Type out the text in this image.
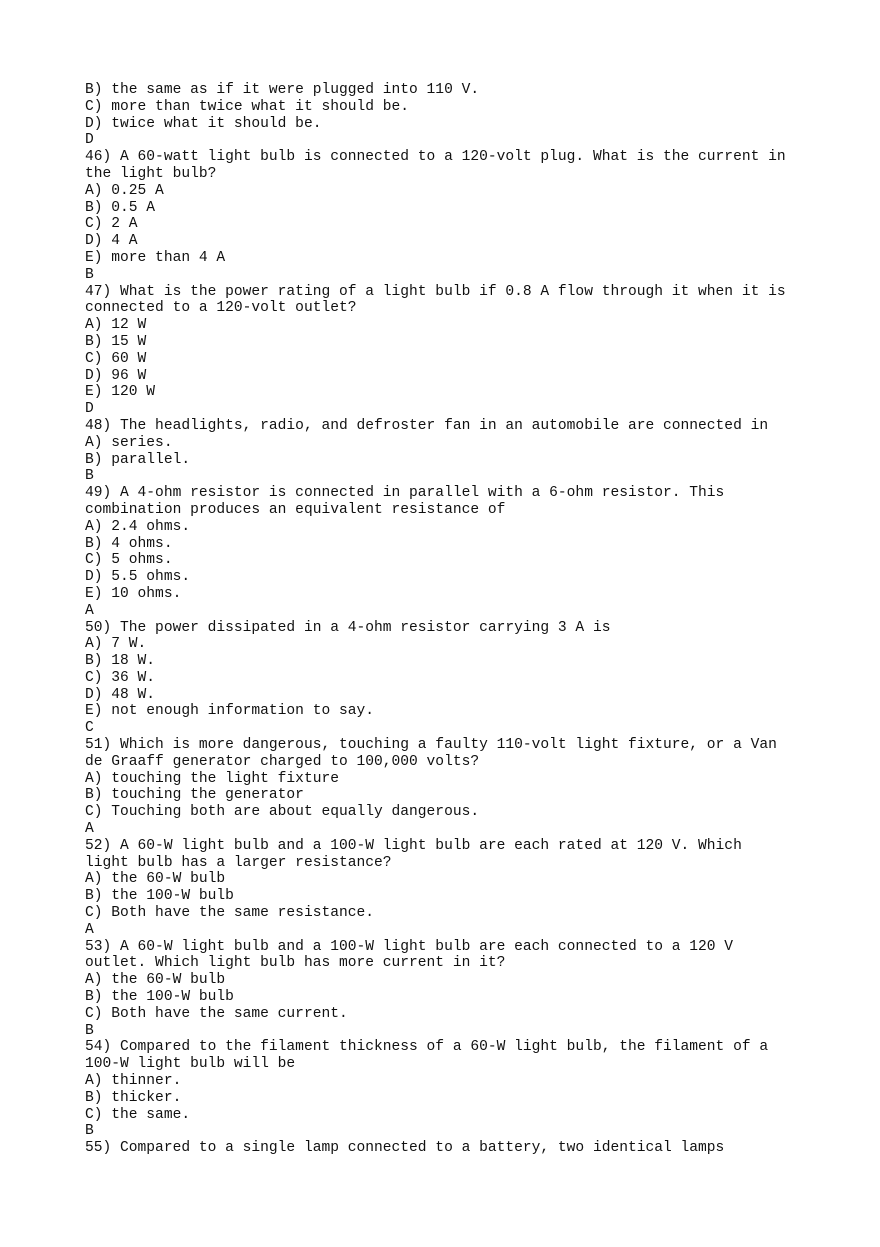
B) the same as if it were plugged into 110 V.
C) more than twice what it should be.
D) twice what it should be.
D
46) A 60-watt light bulb is connected to a 120-volt plug. What is the current in
the light bulb?
A) 0.25 A
B) 0.5 A
C) 2 A
D) 4 A
E) more than 4 A
B
47) What is the power rating of a light bulb if 0.8 A flow through it when it is
connected to a 120-volt outlet?
A) 12 W
B) 15 W
C) 60 W
D) 96 W
E) 120 W
D
48) The headlights, radio, and defroster fan in an automobile are connected in
A) series.
B) parallel.
B
49) A 4-ohm resistor is connected in parallel with a 6-ohm resistor. This
combination produces an equivalent resistance of
A) 2.4 ohms.
B) 4 ohms.
C) 5 ohms.
D) 5.5 ohms.
E) 10 ohms.
A
50) The power dissipated in a 4-ohm resistor carrying 3 A is
A) 7 W.
B) 18 W.
C) 36 W.
D) 48 W.
E) not enough information to say.
C
51) Which is more dangerous, touching a faulty 110-volt light fixture, or a Van
de Graaff generator charged to 100,000 volts?
A) touching the light fixture
B) touching the generator
C) Touching both are about equally dangerous.
A
52) A 60-W light bulb and a 100-W light bulb are each rated at 120 V. Which
light bulb has a larger resistance?
A) the 60-W bulb
B) the 100-W bulb
C) Both have the same resistance.
A
53) A 60-W light bulb and a 100-W light bulb are each connected to a 120 V
outlet. Which light bulb has more current in it?
A) the 60-W bulb
B) the 100-W bulb
C) Both have the same current.
B
54) Compared to the filament thickness of a 60-W light bulb, the filament of a
100-W light bulb will be
A) thinner.
B) thicker.
C) the same.
B
55) Compared to a single lamp connected to a battery, two identical lamps
